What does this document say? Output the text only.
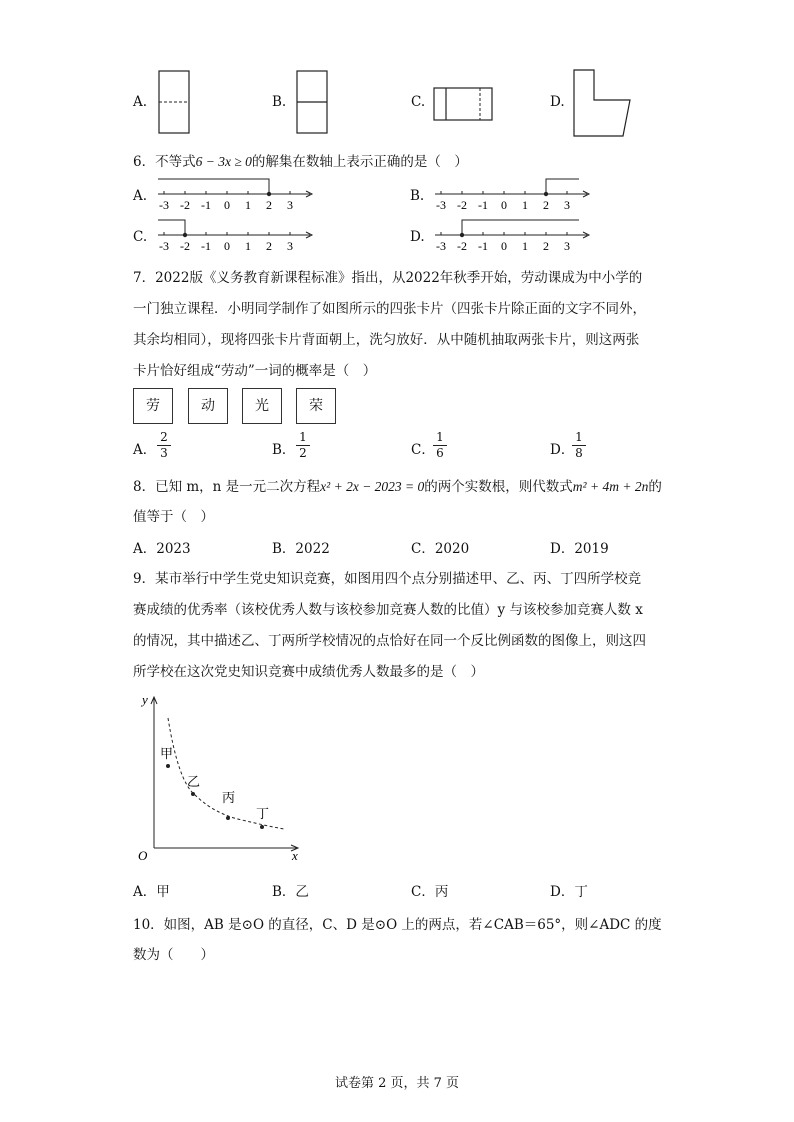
A.	B.	C.	D.
6．不等式6 − 3x ≥ 0的解集在数轴上表示正确的是（　）
A.	B.
C.	D.
-3 -2 -1 0 1 2 3	-3 -2 -1 0 1 2 3
-3 -2 -1 0 1 2 3	-3 -2 -1 0 1 2 3
7．2022版《义务教育新课程标准》指出，从2022年秋季开始，劳动课成为中小学的
一门独立课程．小明同学制作了如图所示的四张卡片（四张卡片除正面的文字不同外，
其余均相同），现将四张卡片背面朝上，洗匀放好．从中随机抽取两张卡片，则这两张
卡片恰好组成“劳动”一词的概率是（　）
劳	动	光	荣
A． $\frac{2}{3}$	B． $\frac{1}{2}$	C．
$\frac{1}{6}$	D．
$\frac{1}{8}$
8．已知 m，n 是一元二次方程x² + 2x − 2023 = 0的两个实数根，则代数式m² + 4m + 2n的
值等于（　）
A．2023	B．2022	C．2020	D．2019
9．某市举行中学生党史知识竞赛，如图用四个点分别描述甲、乙、丙、丁四所学校竞
赛成绩的优秀率（该校优秀人数与该校参加竞赛人数的比值）y 与该校参加竞赛人数 x
的情况，其中描述乙、丁两所学校情况的点恰好在同一个反比例函数的图像上，则这四
所学校在这次党史知识竞赛中成绩优秀人数最多的是（　）
y
x
O
甲
乙
丙
丁
A．甲	B．乙	C．丙	D．丁
10．如图，AB 是⊙O 的直径，C、D 是⊙O 上的两点，若∠CAB＝65°，则∠ADC 的度
数为（　　）
试卷第 2 页，共 7 页
